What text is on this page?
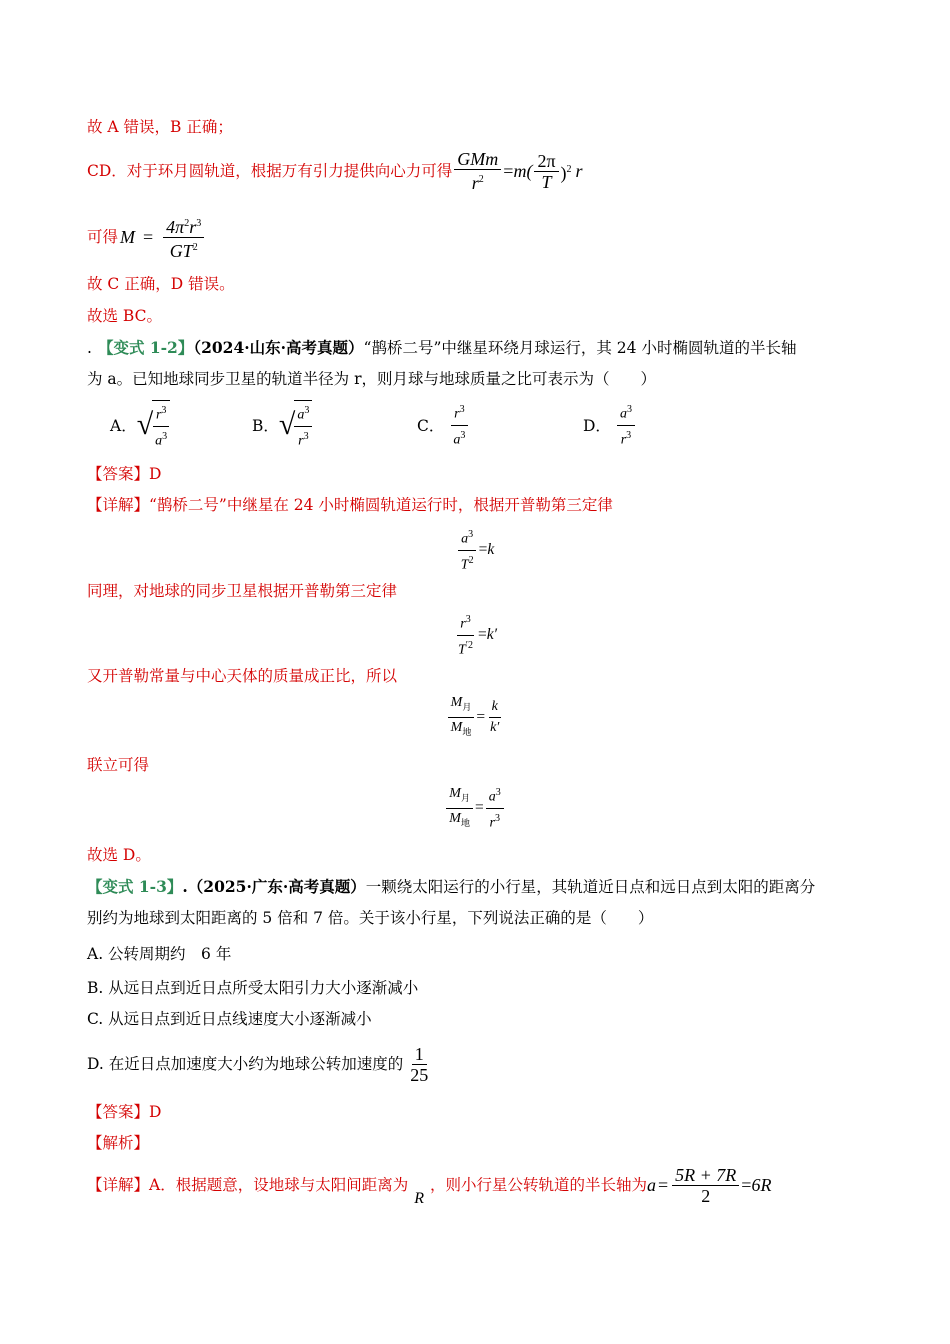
故 A 错误，B 正确；
CD．对于环月圆轨道，根据万有引力提供向心力可得 $\frac{\text{GMm}}{r^2} = m( \frac{2\pi}{T} )^2$ r
可得 $M = \frac{4\pi^2r^3}{GT^2}$
故 C 正确，D 错误。
故选 BC。
. 【变式 1-2】（2024·山东·高考真题）“鹊桥二号”中继星环绕月球运行，其 24 小时椭圆轨道的半长轴
为 a。已知地球同步卫星的轨道半径为 r，则月球与地球质量之比可表示为（　　）
A． √ $\frac{r^3}{a^3}$	B． √ $\frac{a^3}{r^3}$	C． $\frac{r^3}{a^3}$	D． $\frac{a^3}{r^3}$
【答案】D
【详解】“鹊桥二号”中继星在 24 小时椭圆轨道运行时，根据开普勒第三定律
$\frac{a^3}{T^2} =k$
同理，对地球的同步卫星根据开普勒第三定律
$\frac{r^3}{T^{'2}} =k'$
又开普勒常量与中心天体的质量成正比，所以
$\frac{M_月}{M_地} = \frac{k}{k'}$
联立可得
$\frac{M_月}{M_地} = \frac{a^3}{r^3}$
故选 D。
【变式 1-3】.（2025·广东·高考真题）一颗绕太阳运行的小行星，其轨道近日点和远日点到太阳的距离分
别约为地球到太阳距离的 5 倍和 7 倍。关于该小行星，下列说法正确的是（　　）
A. 公转周期约　6 年
B. 从远日点到近日点所受太阳引力大小逐渐减小
C. 从远日点到近日点线速度大小逐渐减小
D. 在近日点加速度大小约为地球公转加速度的 $\frac{1}{25}$
【答案】D
【解析】
【详解】A．根据题意，设地球与太阳间距离为
R
，则小行星公转轨道的半长轴为 $a = \frac{5R + 7R}{2} = 6R$
